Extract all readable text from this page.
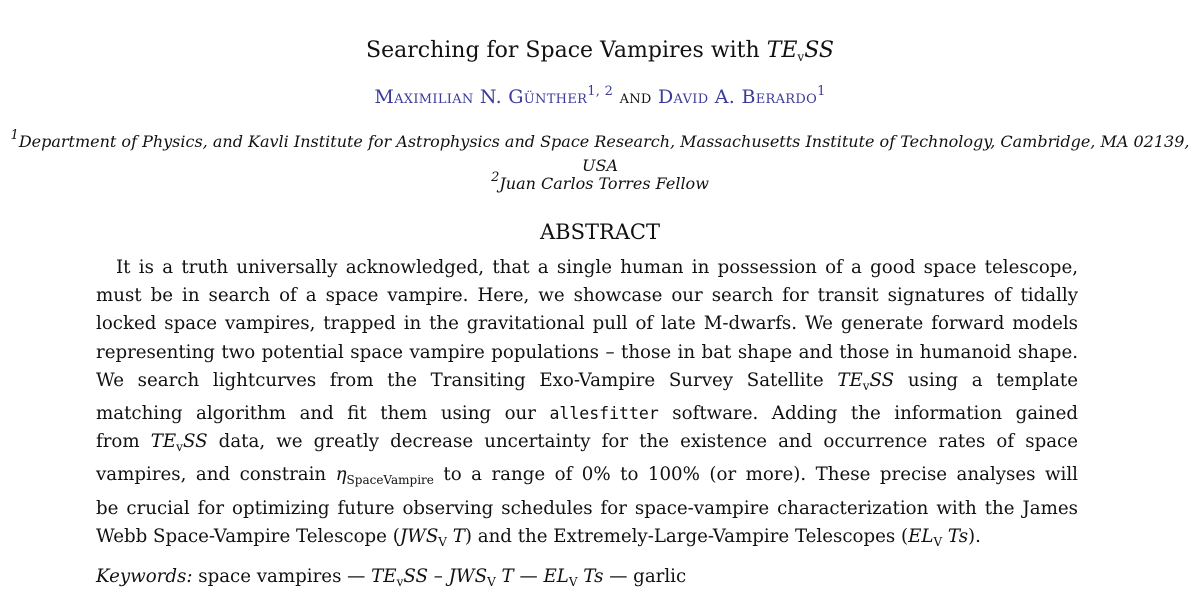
Searching for Space Vampires with $TE_vSS$
Maximilian N. Günther$^{1, 2}$ and David A. Berardo$^1$
$^1$Department of Physics, and Kavli Institute for Astrophysics and Space Research, Massachusetts Institute of Technology, Cambridge, MA 02139, USA
$^2$Juan Carlos Torres Fellow
ABSTRACT
It is a truth universally acknowledged, that a single human in possession of a good space telescope,
must be in search of a space vampire. Here, we showcase our search for transit signatures of tidally
locked space vampires, trapped in the gravitational pull of late M-dwarfs. We generate forward models
representing two potential space vampire populations – those in bat shape and those in humanoid shape.
We search lightcurves from the Transiting Exo-Vampire Survey Satellite $TE_vSS$ using a template
matching algorithm and fit them using our allesfitter software. Adding the information gained
from $TE_vSS$ data, we greatly decrease uncertainty for the existence and occurrence rates of space
vampires, and constrain $\eta_{SpaceVampire}$ to a range of 0% to 100% (or more). These precise analyses will
be crucial for optimizing future observing schedules for space-vampire characterization with the James
Webb Space-Vampire Telescope ($JWS_V$ T) and the Extremely-Large-Vampire Telescopes ($EL_V$ Ts).
Keywords: space vampires — $TE_vSS - JWS_V$ T — $EL_V$ Ts — garlic
